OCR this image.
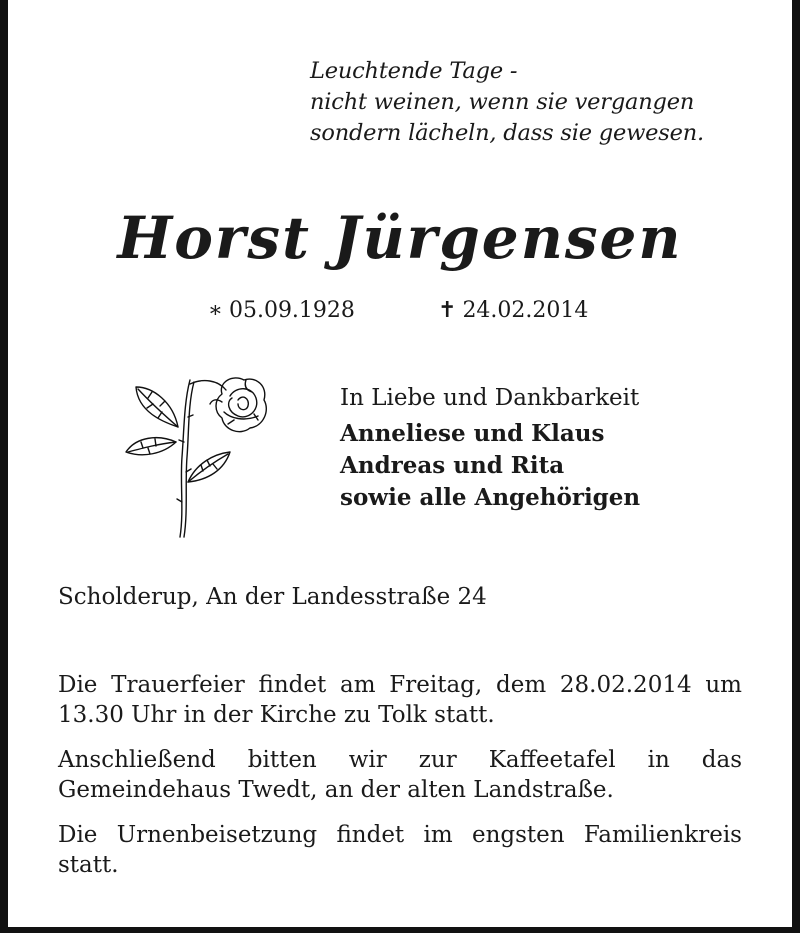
Leuchtende Tage -
nicht weinen, wenn sie vergangen
sondern lächeln, dass sie gewesen.
Horst Jürgensen
∗ 05.09.1928	✝ 24.02.2014
In Liebe und Dankbarkeit
Anneliese und Klaus
Andreas und Rita
sowie alle Angehörigen
Scholderup, An der Landesstraße 24
Die Trauerfeier findet am Freitag, dem 28.02.2014 um 13.30 Uhr in der Kirche zu Tolk statt.
Anschließend bitten wir zur Kaffeetafel in das Gemeindehaus Twedt, an der alten Landstraße.
Die Urnenbeisetzung findet im engsten Familienkreis statt.
